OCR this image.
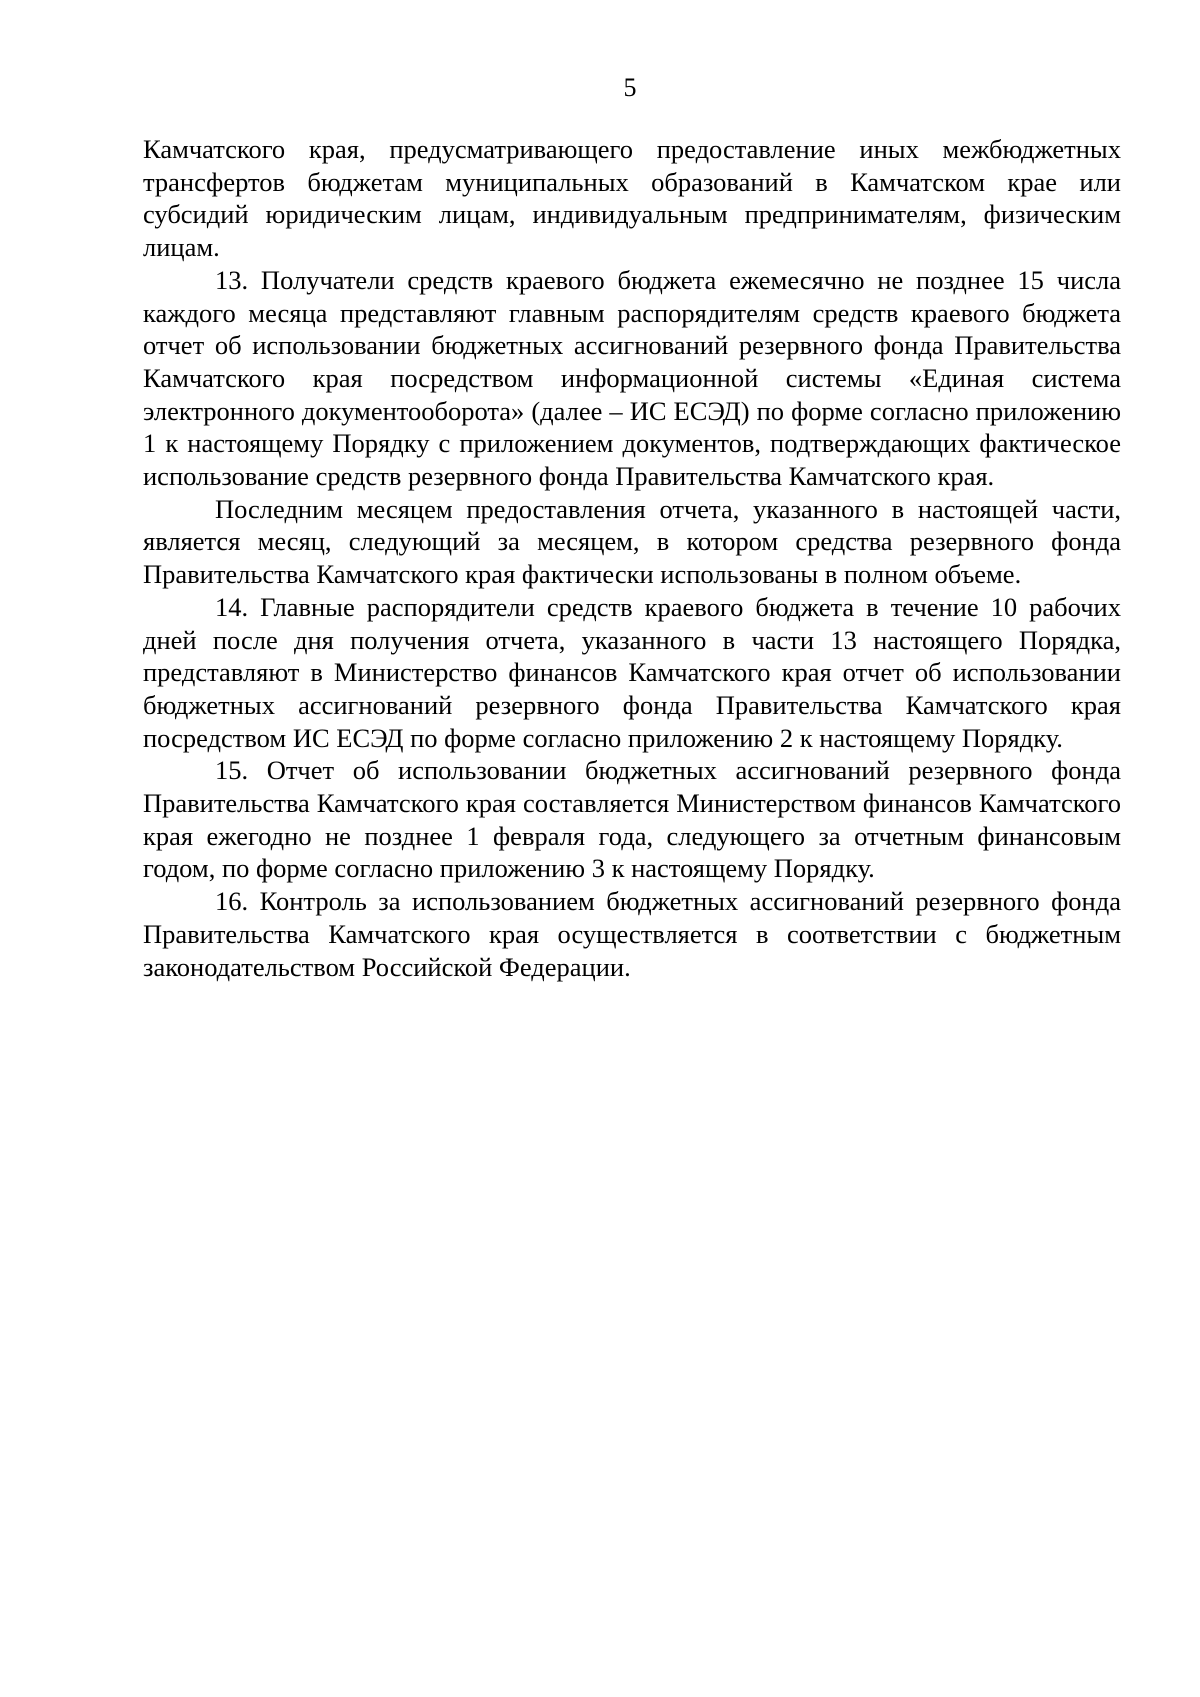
5

Камчатского края, предусматривающего предоставление иных межбюджетных трансфертов бюджетам муниципальных образований в Камчатском крае или субсидий юридическим лицам, индивидуальным предпринимателям, физическим лицам.

13. Получатели средств краевого бюджета ежемесячно не позднее 15 числа каждого месяца представляют главным распорядителям средств краевого бюджета отчет об использовании бюджетных ассигнований резервного фонда Правительства Камчатского края посредством информационной системы «Единая система электронного документооборота» (далее – ИС ЕСЭД) по форме согласно приложению 1 к настоящему Порядку с приложением документов, подтверждающих фактическое использование средств резервного фонда Правительства Камчатского края.

Последним месяцем предоставления отчета, указанного в настоящей части, является месяц, следующий за месяцем, в котором средства резервного фонда Правительства Камчатского края фактически использованы в полном объеме.

14. Главные распорядители средств краевого бюджета в течение 10 рабочих дней после дня получения отчета, указанного в части 13 настоящего Порядка, представляют в Министерство финансов Камчатского края отчет об использовании бюджетных ассигнований резервного фонда Правительства Камчатского края посредством ИС ЕСЭД по форме согласно приложению 2 к настоящему Порядку.

15. Отчет об использовании бюджетных ассигнований резервного фонда Правительства Камчатского края составляется Министерством финансов Камчатского края ежегодно не позднее 1 февраля года, следующего за отчетным финансовым годом, по форме согласно приложению 3 к настоящему Порядку.

16. Контроль за использованием бюджетных ассигнований резервного фонда Правительства Камчатского края осуществляется в соответствии с бюджетным законодательством Российской Федерации.
